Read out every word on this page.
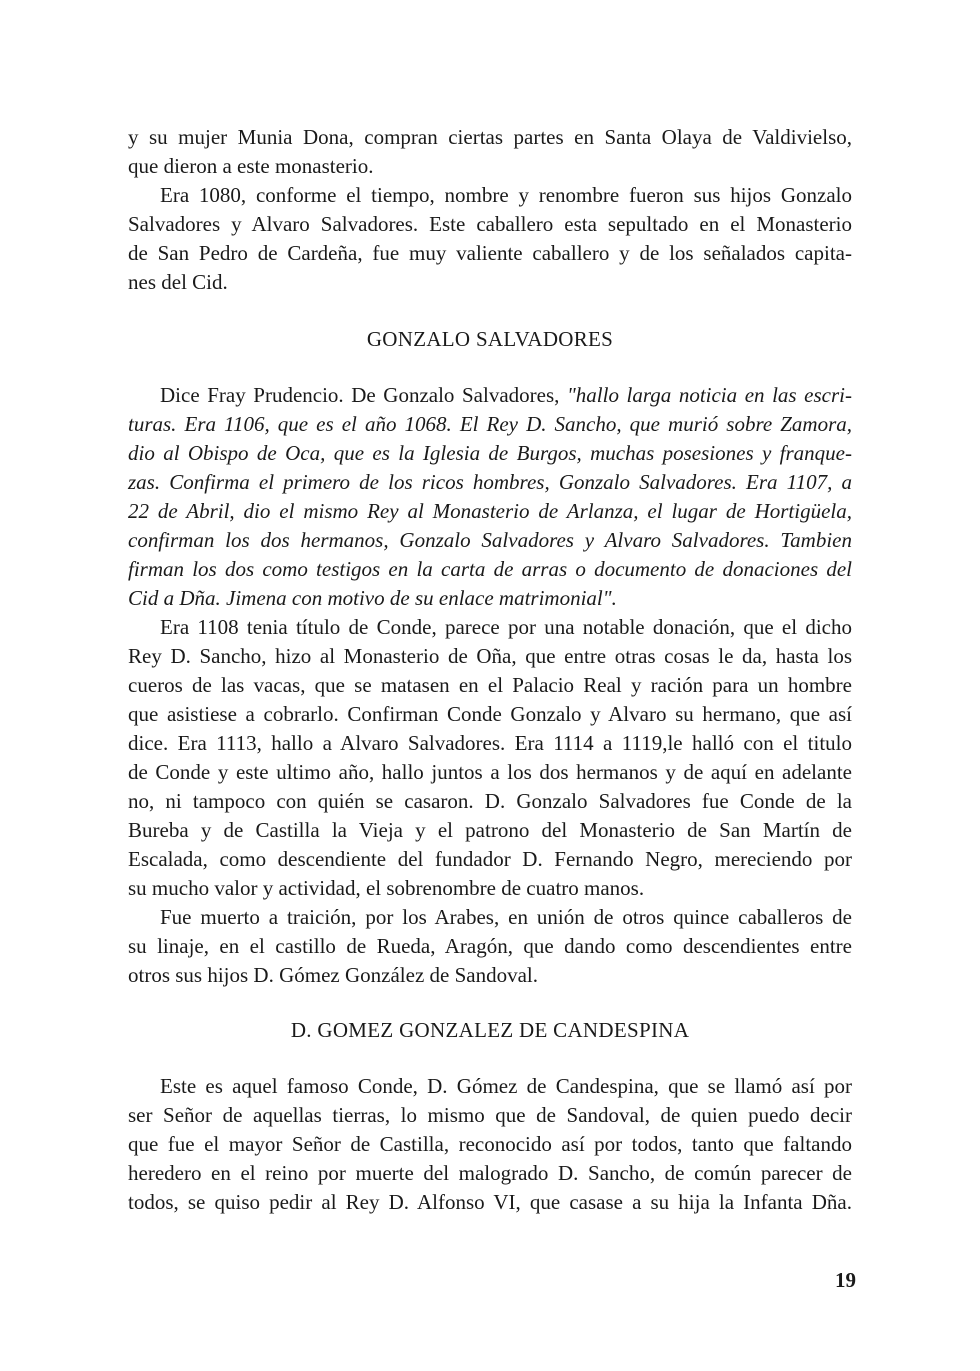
y su mujer Munia Dona, compran ciertas partes en Santa Olaya de Valdivielso,
que dieron a este monasterio.
Era 1080, conforme el tiempo, nombre y renombre fueron sus hijos Gonzalo
Salvadores y Alvaro Salvadores. Este caballero esta sepultado en el Monasterio
de San Pedro de Cardeña, fue muy valiente caballero y de los señalados capita-
nes del Cid.
GONZALO SALVADORES
Dice Fray Prudencio. De Gonzalo Salvadores, "hallo larga noticia en las escri-
turas. Era 1106, que es el año 1068. El Rey D. Sancho, que murió sobre Zamora,
dio al Obispo de Oca, que es la Iglesia de Burgos, muchas posesiones y franque-
zas. Confirma el primero de los ricos hombres, Gonzalo Salvadores. Era 1107, a
22 de Abril, dio el mismo Rey al Monasterio de Arlanza, el lugar de Hortigüela,
confirman los dos hermanos, Gonzalo Salvadores y Alvaro Salvadores. Tambien
firman los dos como testigos en la carta de arras o documento de donaciones del
Cid a Dña. Jimena con motivo de su enlace matrimonial".
Era 1108 tenia título de Conde, parece por una notable donación, que el dicho
Rey D. Sancho, hizo al Monasterio de Oña, que entre otras cosas le da, hasta los
cueros de las vacas, que se matasen en el Palacio Real y ración para un hombre
que asistiese a cobrarlo. Confirman Conde Gonzalo y Alvaro su hermano, que así
dice. Era 1113, hallo a Alvaro Salvadores. Era 1114 a 1119,le halló con el titulo
de Conde y este ultimo año, hallo juntos a los dos hermanos y de aquí en adelante
no, ni tampoco con quién se casaron. D. Gonzalo Salvadores fue Conde de la
Bureba y de Castilla la Vieja y el patrono del Monasterio de San Martín de
Escalada, como descendiente del fundador D. Fernando Negro, mereciendo por
su mucho valor y actividad, el sobrenombre de cuatro manos.
Fue muerto a traición, por los Arabes, en unión de otros quince caballeros de
su linaje, en el castillo de Rueda, Aragón, que dando como descendientes entre
otros sus hijos D. Gómez González de Sandoval.
D. GOMEZ GONZALEZ DE CANDESPINA
Este es aquel famoso Conde, D. Gómez de Candespina, que se llamó así por
ser Señor de aquellas tierras, lo mismo que de Sandoval, de quien puedo decir
que fue el mayor Señor de Castilla, reconocido así por todos, tanto que faltando
heredero en el reino por muerte del malogrado D. Sancho, de común parecer de
todos, se quiso pedir al Rey D. Alfonso VI, que casase a su hija la Infanta Dña.
19
